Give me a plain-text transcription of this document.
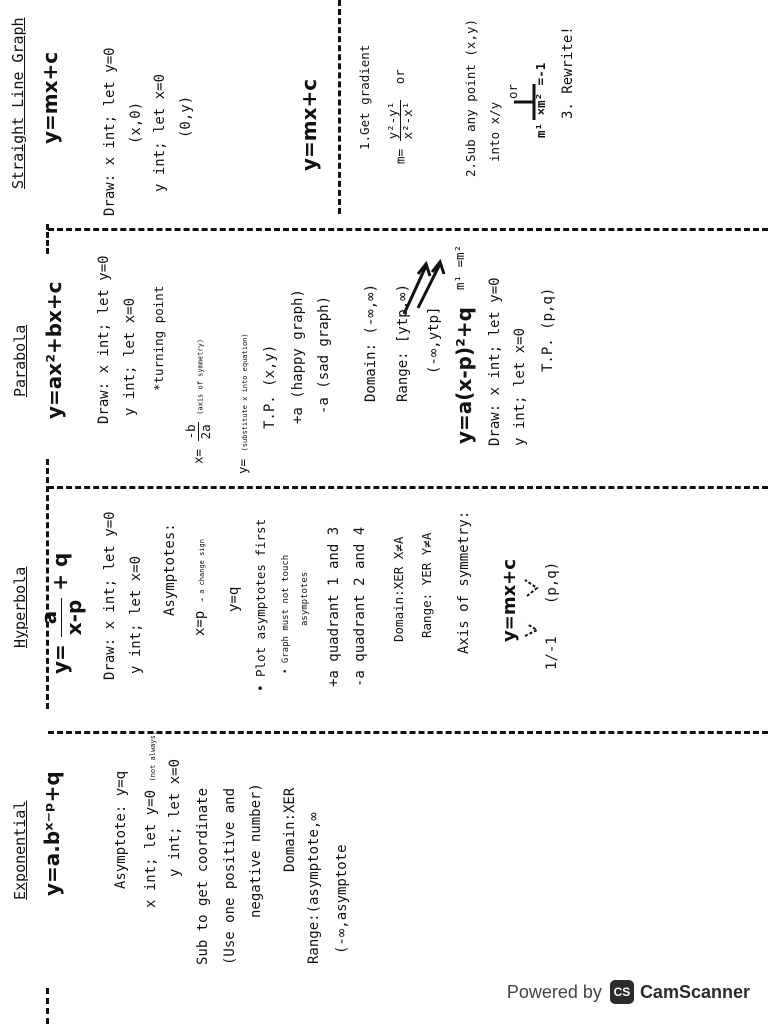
Straight Line Graph y=mx+c	Draw: x int; let y=0 (x,0) y int; let x=0 (0,y)	y=mx+c	1.Get gradient
m=
y²-y¹ x²-x¹
or
m¹ =m²
2.Sub any point (x,y) into x/y
or m¹ ×m² =-1 3. Rewrite!
Parabola y=ax²+bx+c Draw: x int; let y=0 y int; let x=0 *turning point
x=
-b 2a
(axis of symmetry)
y= (substitute x into equation) T.P. (x,y) +a (happy graph) -a (sad graph) Domain: (-∞,∞) Range: [ytp,∞) (-∞,ytp] y=a(x-p)²+q Draw: x int; let y=0 y int; let x=0 T.P. (p,q)
Hyperbola
y=
a x-p
+ q	Draw: x int; let y=0 y int; let x=0 Asymptotes:
x=p → a change sign y=q • Plot asymptotes first • Graph must not touch asymptotes +a quadrant 1 and 3 -a quadrant 2 and 4 Domain:XER X≠A Range: YER Y≠A Axis of symmetry: y=mx+c
1/-1
(p,q)
Exponential y=a.bˣ⁻ᵖ+q	Asymptote: y=q x int; let y=0 (not always)
y int; let x=0 Sub to get coordinate (Use one positive and negative number) Domain:XER Range:(asymptote,∞ (-∞,asymptote
Powered by CS CamScanner
